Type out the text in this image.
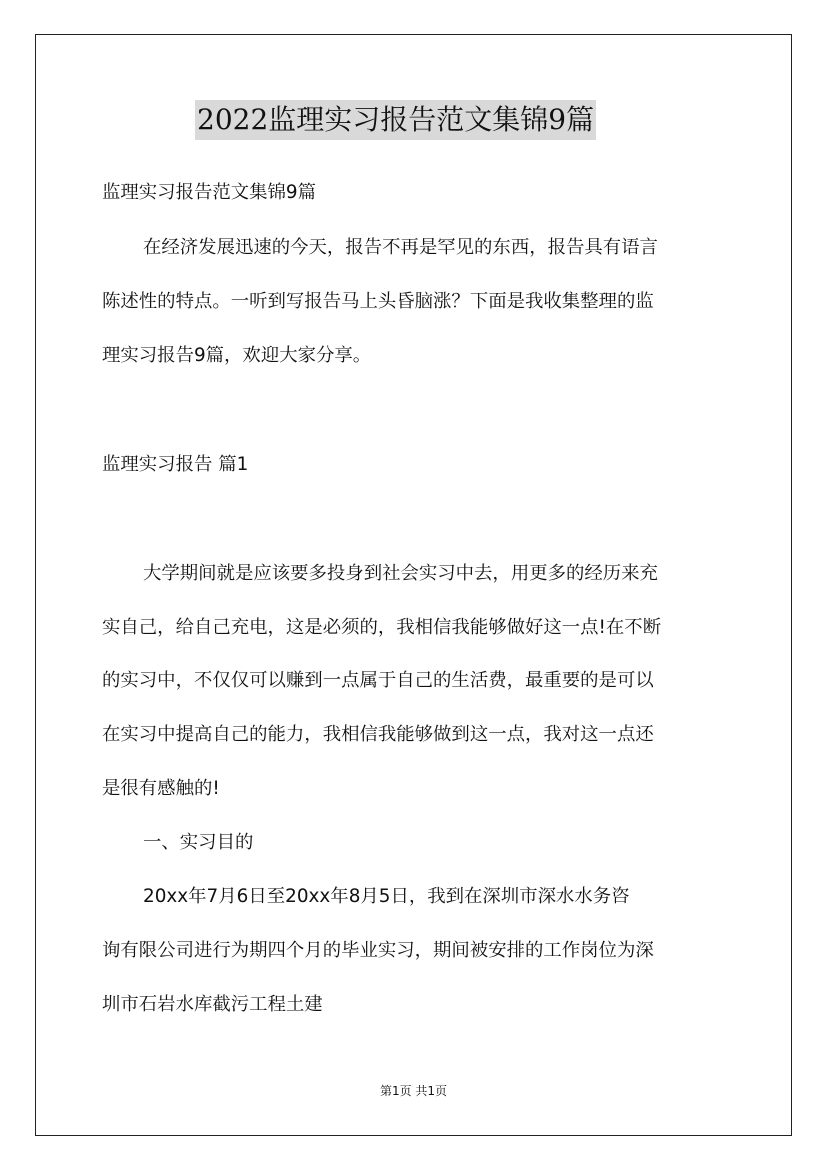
2022监理实习报告范文集锦9篇
监理实习报告范文集锦9篇
在经济发展迅速的今天，报告不再是罕见的东西，报告具有语言
陈述性的特点。一听到写报告马上头昏脑涨？下面是我收集整理的监
理实习报告9篇，欢迎大家分享。
监理实习报告 篇1
大学期间就是应该要多投身到社会实习中去，用更多的经历来充
实自己，给自己充电，这是必须的，我相信我能够做好这一点!在不断
的实习中，不仅仅可以赚到一点属于自己的生活费，最重要的是可以
在实习中提高自己的能力，我相信我能够做到这一点，我对这一点还
是很有感触的!
一、实习目的
20xx年7月6日至20xx年8月5日，我到在深圳市深水水务咨
询有限公司进行为期四个月的毕业实习，期间被安排的工作岗位为深
圳市石岩水库截污工程土建
第1页 共1页
